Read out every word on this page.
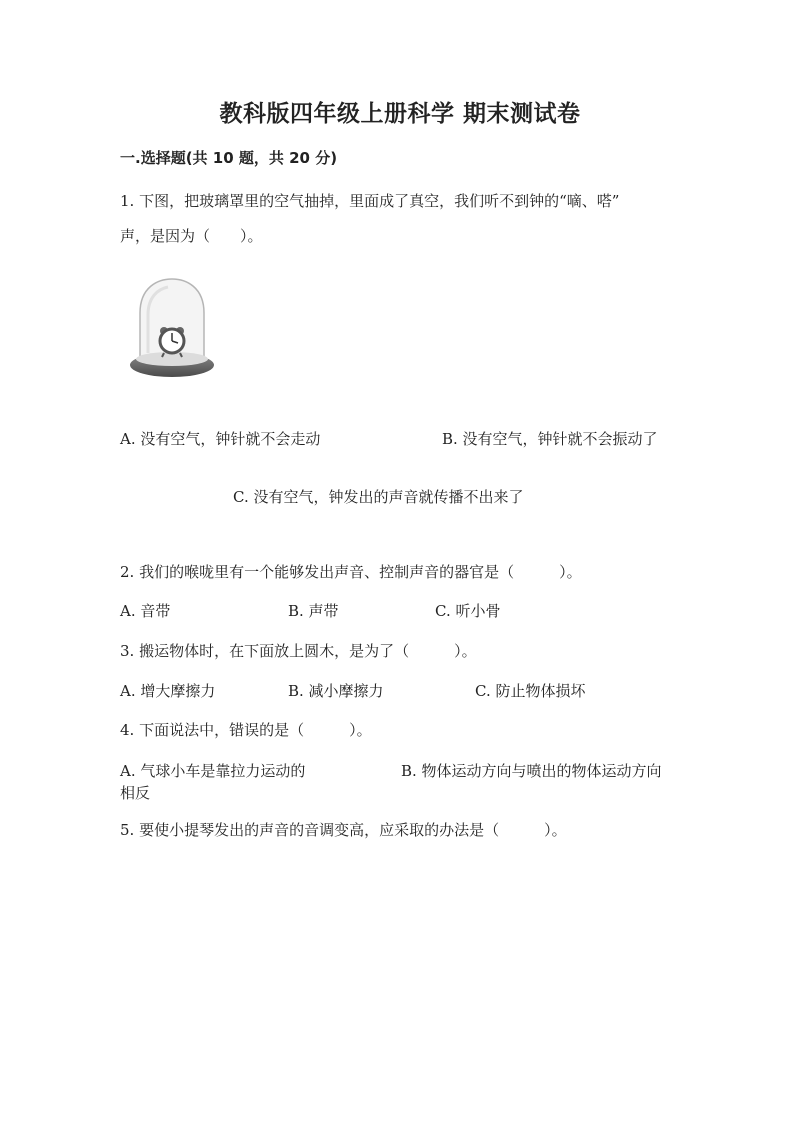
教科版四年级上册科学 期末测试卷
一.选择题(共 10 题，共 20 分)
1. 下图，把玻璃罩里的空气抽掉，里面成了真空，我们听不到钟的“嘀、嗒”
声，是因为（　　）。
A. 没有空气，钟针就不会走动	B. 没有空气，钟针就不会振动了
C. 没有空气，钟发出的声音就传播不出来了
2. 我们的喉咙里有一个能够发出声音、控制声音的器官是（　　　）。
A. 音带	B. 声带	C. 听小骨
3. 搬运物体时，在下面放上圆木，是为了（　　　）。
A. 增大摩擦力	B. 减小摩擦力	C. 防止物体损坏
4. 下面说法中，错误的是（　　　）。
A. 气球小车是靠拉力运动的	B. 物体运动方向与喷出的物体运动方向
相反
5. 要使小提琴发出的声音的音调变高，应采取的办法是（　　　）。
